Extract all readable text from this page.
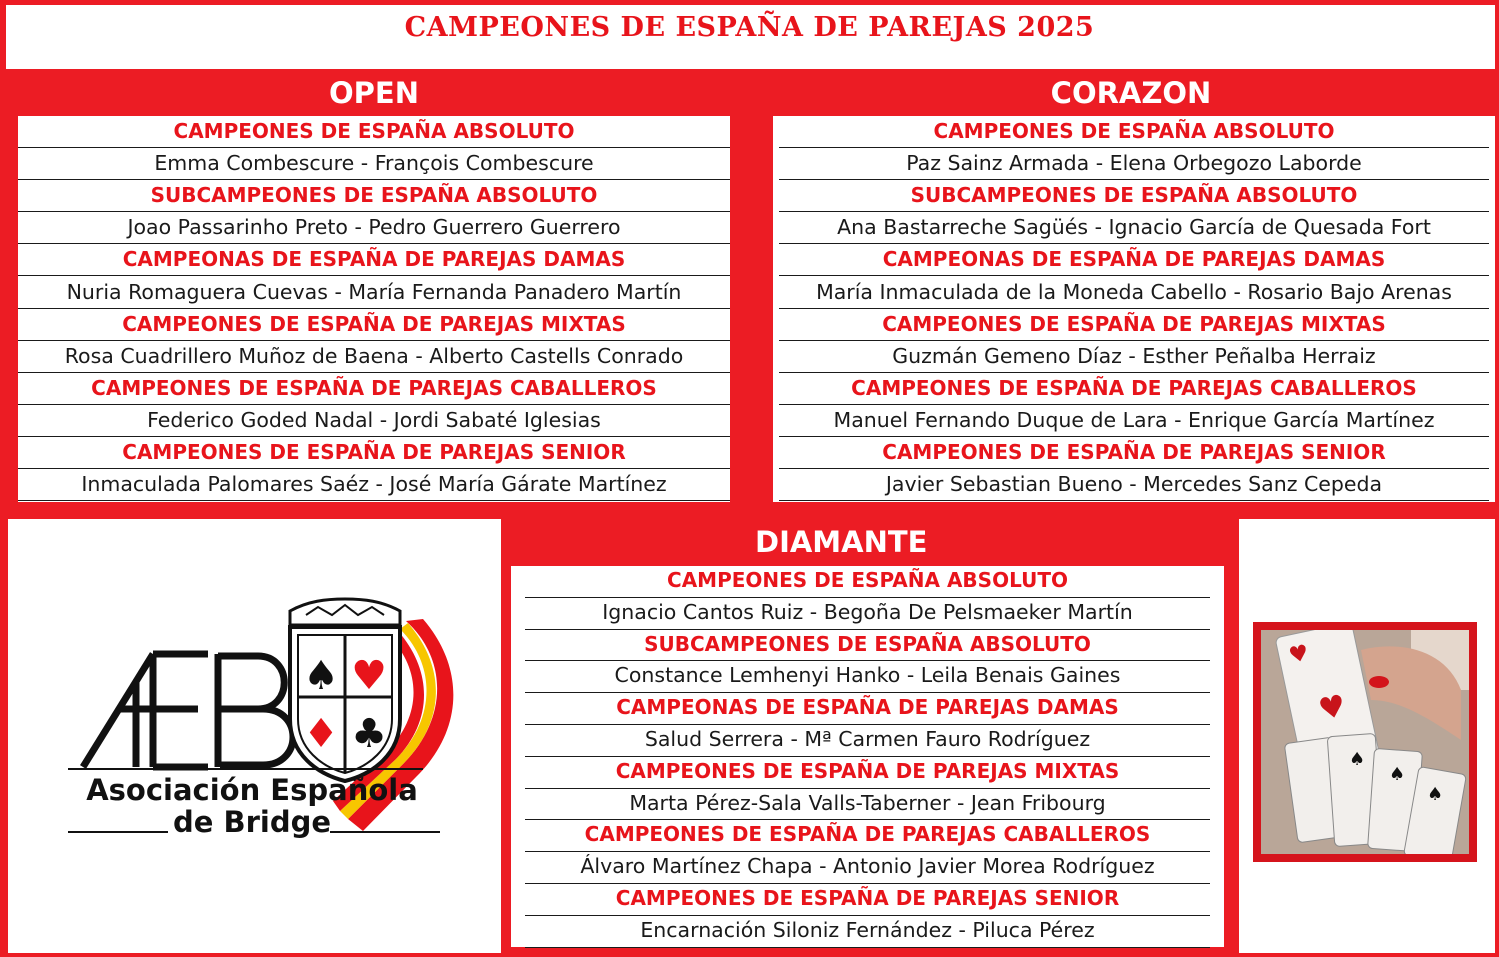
CAMPEONES DE ESPAÑA DE PAREJAS 2025
OPEN
CAMPEONES DE ESPAÑA ABSOLUTO
Emma Combescure - François Combescure
SUBCAMPEONES DE ESPAÑA ABSOLUTO
Joao Passarinho Preto - Pedro Guerrero Guerrero
CAMPEONAS DE ESPAÑA DE PAREJAS DAMAS
Nuria Romaguera Cuevas - María Fernanda Panadero Martín
CAMPEONES DE ESPAÑA DE PAREJAS MIXTAS
Rosa Cuadrillero Muñoz de Baena - Alberto Castells Conrado
CAMPEONES DE ESPAÑA DE PAREJAS CABALLEROS
Federico Goded Nadal - Jordi Sabaté Iglesias
CAMPEONES DE ESPAÑA DE PAREJAS SENIOR
Inmaculada Palomares Saéz - José María Gárate Martínez
CORAZON
CAMPEONES DE ESPAÑA ABSOLUTO
Paz Sainz Armada - Elena Orbegozo Laborde
SUBCAMPEONES DE ESPAÑA ABSOLUTO
Ana Bastarreche Sagüés - Ignacio García de Quesada Fort
CAMPEONAS DE ESPAÑA DE PAREJAS DAMAS
María Inmaculada de la Moneda Cabello - Rosario Bajo Arenas
CAMPEONES DE ESPAÑA DE PAREJAS MIXTAS
Guzmán Gemeno Díaz - Esther Peñalba Herraiz
CAMPEONES DE ESPAÑA DE PAREJAS CABALLEROS
Manuel Fernando Duque de Lara - Enrique García Martínez
CAMPEONES DE ESPAÑA DE PAREJAS SENIOR
Javier Sebastian Bueno - Mercedes Sanz Cepeda
♠ ♥
♦ ♣
Asociación Española
de Bridge
DIAMANTE
CAMPEONES DE ESPAÑA ABSOLUTO
Ignacio Cantos Ruiz - Begoña De Pelsmaeker Martín
SUBCAMPEONES DE ESPAÑA ABSOLUTO
Constance Lemhenyi Hanko - Leila Benais Gaines
CAMPEONAS DE ESPAÑA DE PAREJAS DAMAS
Salud Serrera - Mª Carmen Fauro Rodríguez
CAMPEONES DE ESPAÑA DE PAREJAS MIXTAS
Marta Pérez-Sala Valls-Taberner - Jean Fribourg
CAMPEONES DE ESPAÑA DE PAREJAS CABALLEROS
Álvaro Martínez Chapa - Antonio Javier Morea Rodríguez
CAMPEONES DE ESPAÑA DE PAREJAS SENIOR
Encarnación Siloniz Fernández - Piluca Pérez
♥
♥
♠
♠
♠
